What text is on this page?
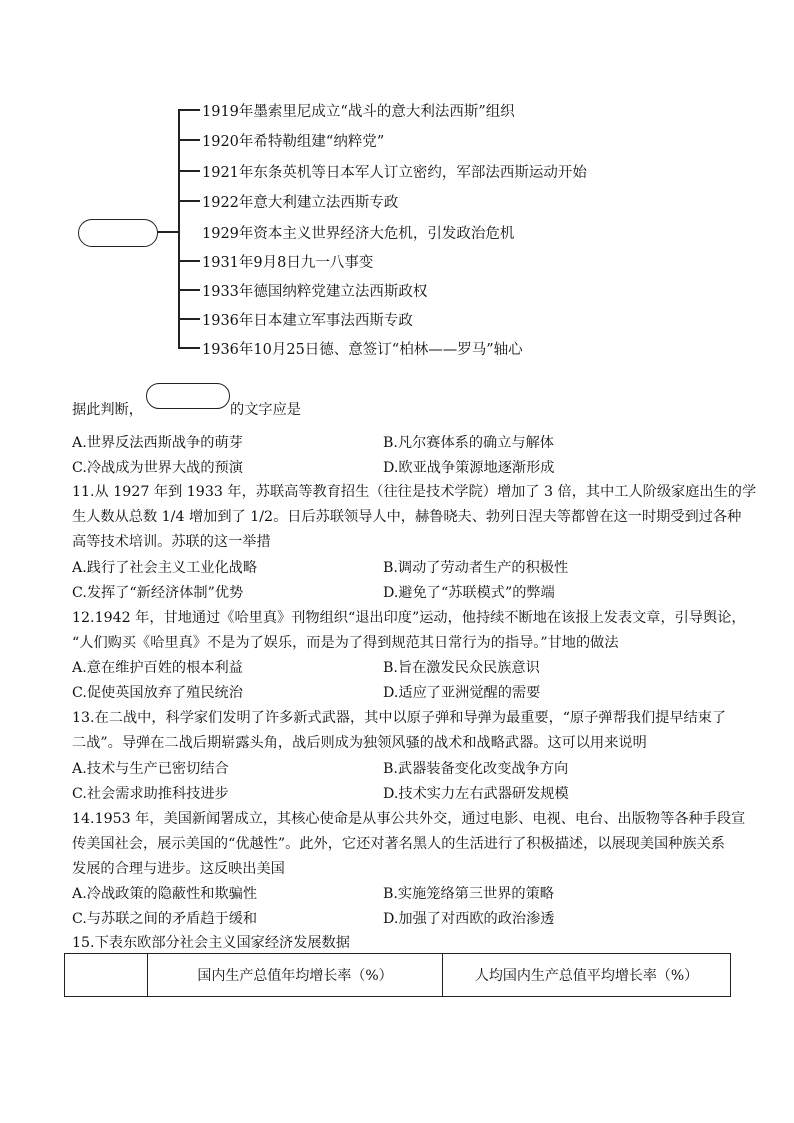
1919年墨索里尼成立“战斗的意大利法西斯”组织
1920年希特勒组建“纳粹党”
1921年东条英机等日本军人订立密约，军部法西斯运动开始
1922年意大利建立法西斯专政
1929年资本主义世界经济大危机，引发政治危机
1931年9月8日九一八事变
1933年德国纳粹党建立法西斯政权
1936年日本建立军事法西斯专政
1936年10月25日德、意签订“柏林——罗马”轴心
据此判断，	的文字应是
A.世界反法西斯战争的萌芽	B.凡尔赛体系的确立与解体
C.冷战成为世界大战的预演	D.欧亚战争策源地逐渐形成
11.从 1927 年到 1933 年，苏联高等教育招生（往往是技术学院）增加了 3 倍，其中工人阶级家庭出生的学
生人数从总数 1/4 增加到了 1/2。日后苏联领导人中，赫鲁晓夫、勃列日涅夫等都曾在这一时期受到过各种
高等技术培训。苏联的这一举措
A.践行了社会主义工业化战略	B.调动了劳动者生产的积极性
C.发挥了“新经济体制”优势	D.避免了“苏联模式”的弊端
12.1942 年，甘地通过《哈里真》刊物组织“退出印度”运动，他持续不断地在该报上发表文章，引导舆论，
“人们购买《哈里真》不是为了娱乐，而是为了得到规范其日常行为的指导。”甘地的做法
A.意在维护百姓的根本利益	B.旨在激发民众民族意识
C.促使英国放弃了殖民统治	D.适应了亚洲觉醒的需要
13.在二战中，科学家们发明了许多新式武器，其中以原子弹和导弹为最重要，“原子弹帮我们提早结束了
二战”。导弹在二战后期崭露头角，战后则成为独领风骚的战术和战略武器。这可以用来说明
A.技术与生产已密切结合	B.武器装备变化改变战争方向
C.社会需求助推科技进步	D.技术实力左右武器研发规模
14.1953 年，美国新闻署成立，其核心使命是从事公共外交，通过电影、电视、电台、出版物等各种手段宣
传美国社会，展示美国的“优越性”。此外，它还对著名黑人的生活进行了积极描述，以展现美国种族关系
发展的合理与进步。这反映出美国
A.冷战政策的隐蔽性和欺骗性	B.实施笼络第三世界的策略
C.与苏联之间的矛盾趋于缓和	D.加强了对西欧的政治渗透
15.下表东欧部分社会主义国家经济发展数据
	国内生产总值年均增长率（%）	人均国内生产总值平均增长率（%）
